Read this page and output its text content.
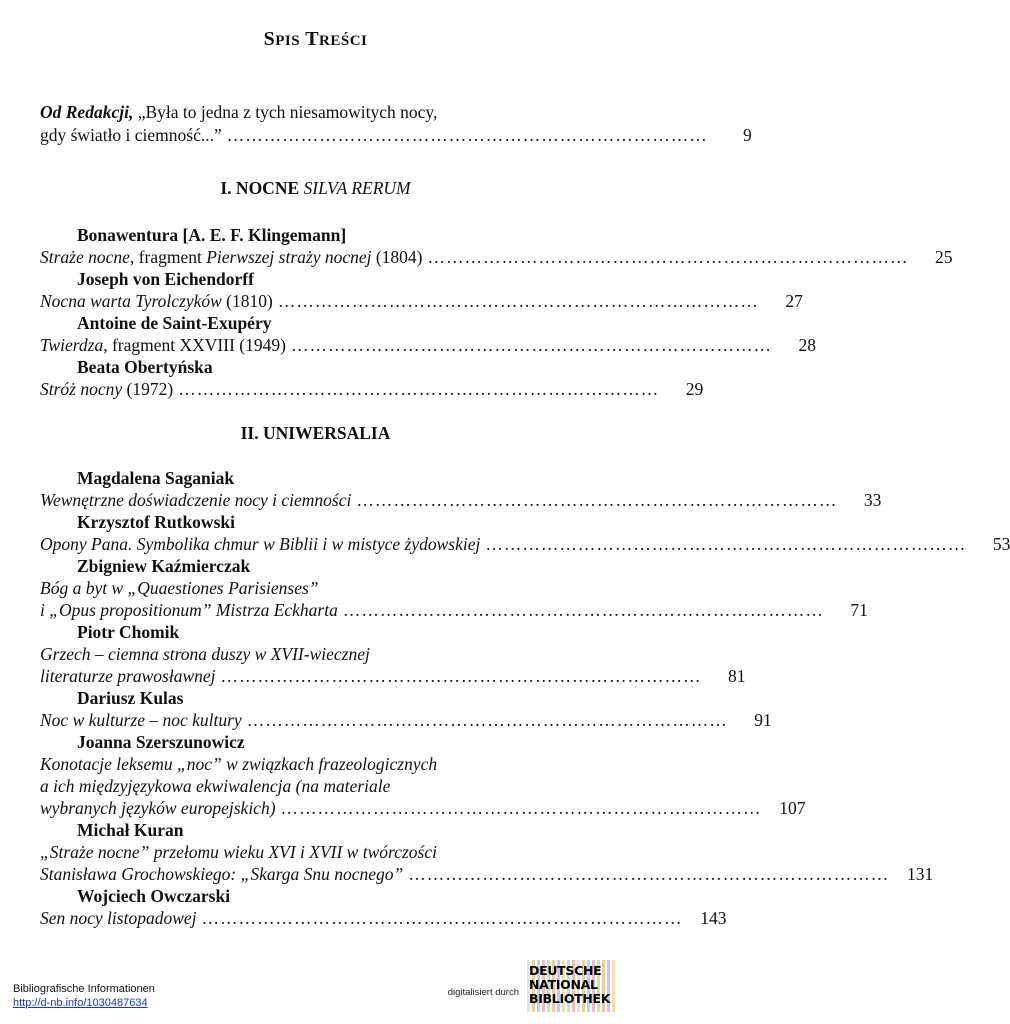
SPIS TREŚCI
Od Redakcji, „Była to jedna z tych niesamowitych nocy,
gdy światło i ciemność...” ……………………………………………………………………	9
I. NOCNE SILVA RERUM
Bonawentura [A. E. F. Klingemann]
Straże nocne, fragment Pierwszej straży nocnej (1804) ……………………………………………………………………	25
Joseph von Eichendorff
Nocna warta Tyrolczyków (1810) ……………………………………………………………………	27
Antoine de Saint-Exupéry
Twierdza, fragment XXVIII (1949) ……………………………………………………………………	28
Beata Obertyńska
Stróż nocny (1972) ……………………………………………………………………	29
II. UNIWERSALIA
Magdalena Saganiak
Wewnętrzne doświadczenie nocy i ciemności ……………………………………………………………………	33
Krzysztof Rutkowski
Opony Pana. Symbolika chmur w Biblii i w mistyce żydowskiej ……………………………………………………………………	53
Zbigniew Kaźmierczak
Bóg a byt w „Quaestiones Parisienses”
i „Opus propositionum” Mistrza Eckharta ……………………………………………………………………	71
Piotr Chomik
Grzech – ciemna strona duszy w XVII-wiecznej
literaturze prawosławnej ……………………………………………………………………	81
Dariusz Kulas
Noc w kulturze – noc kultury ……………………………………………………………………	91
Joanna Szerszunowicz
Konotacje leksemu „noc” w związkach frazeologicznych
a ich międzyjęzykowa ekwiwalencja (na materiale
wybranych języków europejskich) ……………………………………………………………………	107
Michał Kuran
„Straże nocne” przełomu wieku XVI i XVII w twórczości
Stanisława Grochowskiego: „Skarga Snu nocnego” ……………………………………………………………………	131
Wojciech Owczarski
Sen nocy listopadowej ……………………………………………………………………	143
Bibliografische Informationen
http://d-nb.info/1030487634
digitalisiert durch
DEUTSCHE
NATIONAL
BIBLIOTHEK
